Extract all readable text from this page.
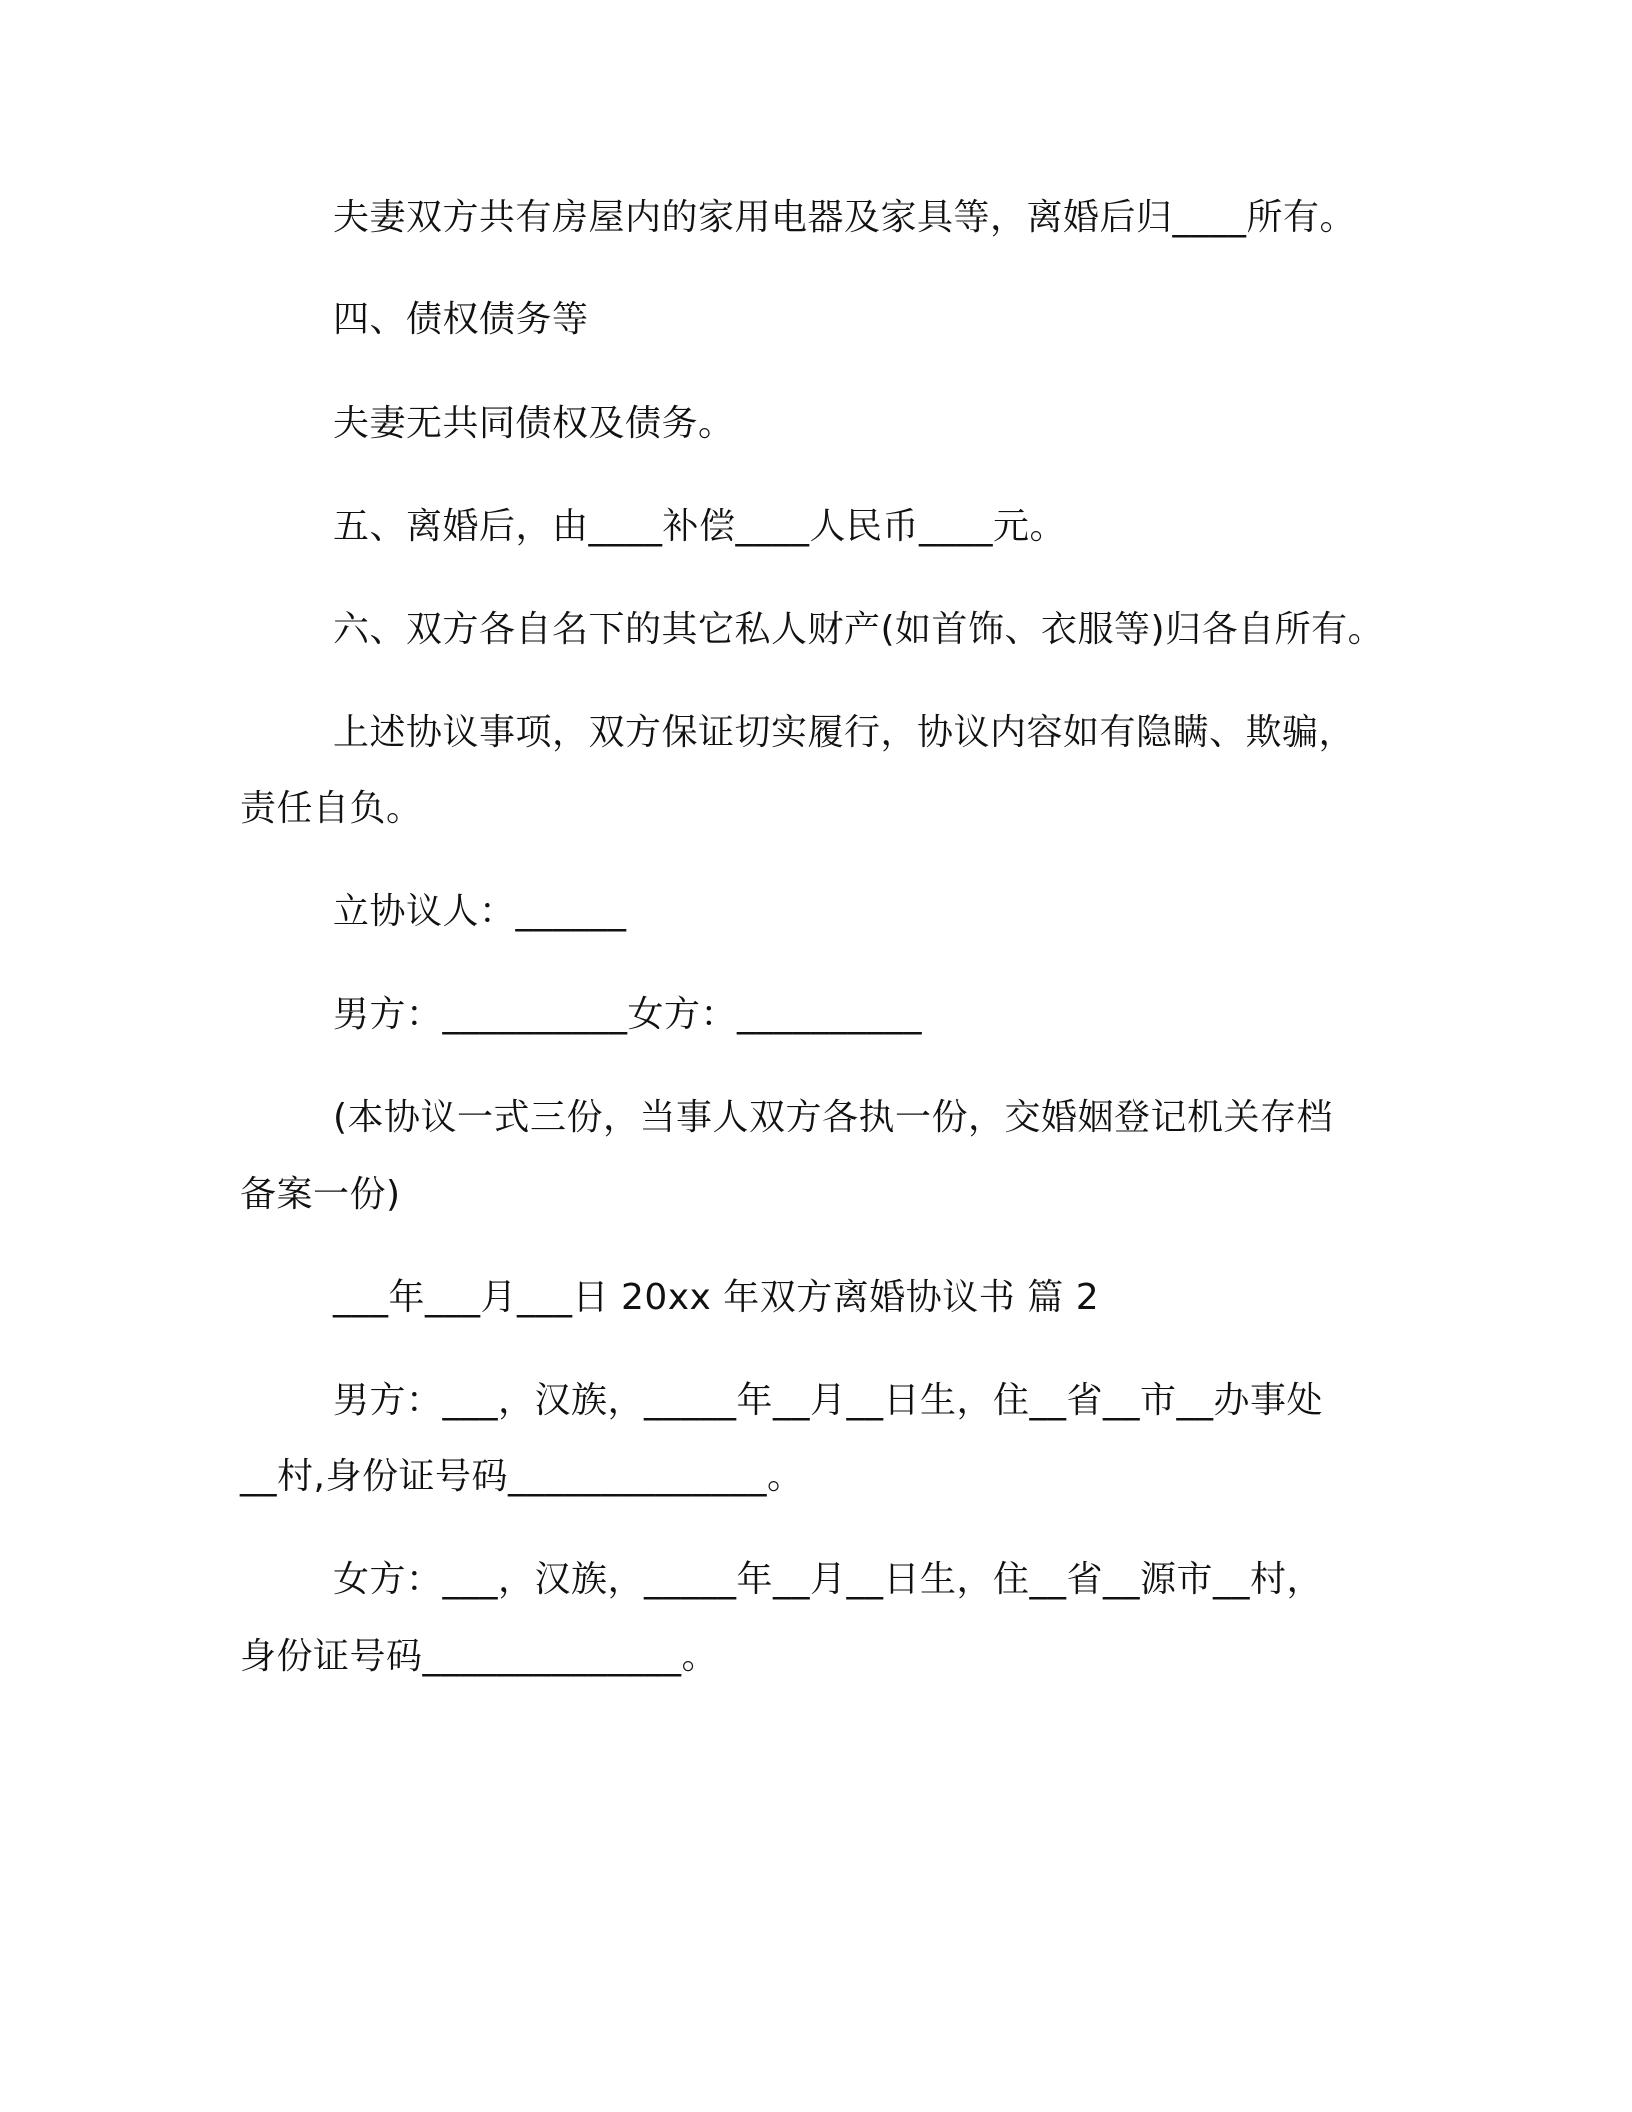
夫妻双方共有房屋内的家用电器及家具等，离婚后归____所有。

四、债权债务等

夫妻无共同债权及债务。

五、离婚后，由____补偿____人民币____元。

六、双方各自名下的其它私人财产(如首饰、衣服等)归各自所有。

上述协议事项，双方保证切实履行，协议内容如有隐瞒、欺骗，

责任自负。

立协议人：______

男方：__________女方：__________

(本协议一式三份，当事人双方各执一份，交婚姻登记机关存档

备案一份)

___年___月___日 20xx 年双方离婚协议书 篇 2

男方：___，汉族，_____年__月__日生，住__省__市__办事处

__村,身份证号码______________。

女方：___，汉族，_____年__月__日生，住__省__源市__村，

身份证号码______________。
